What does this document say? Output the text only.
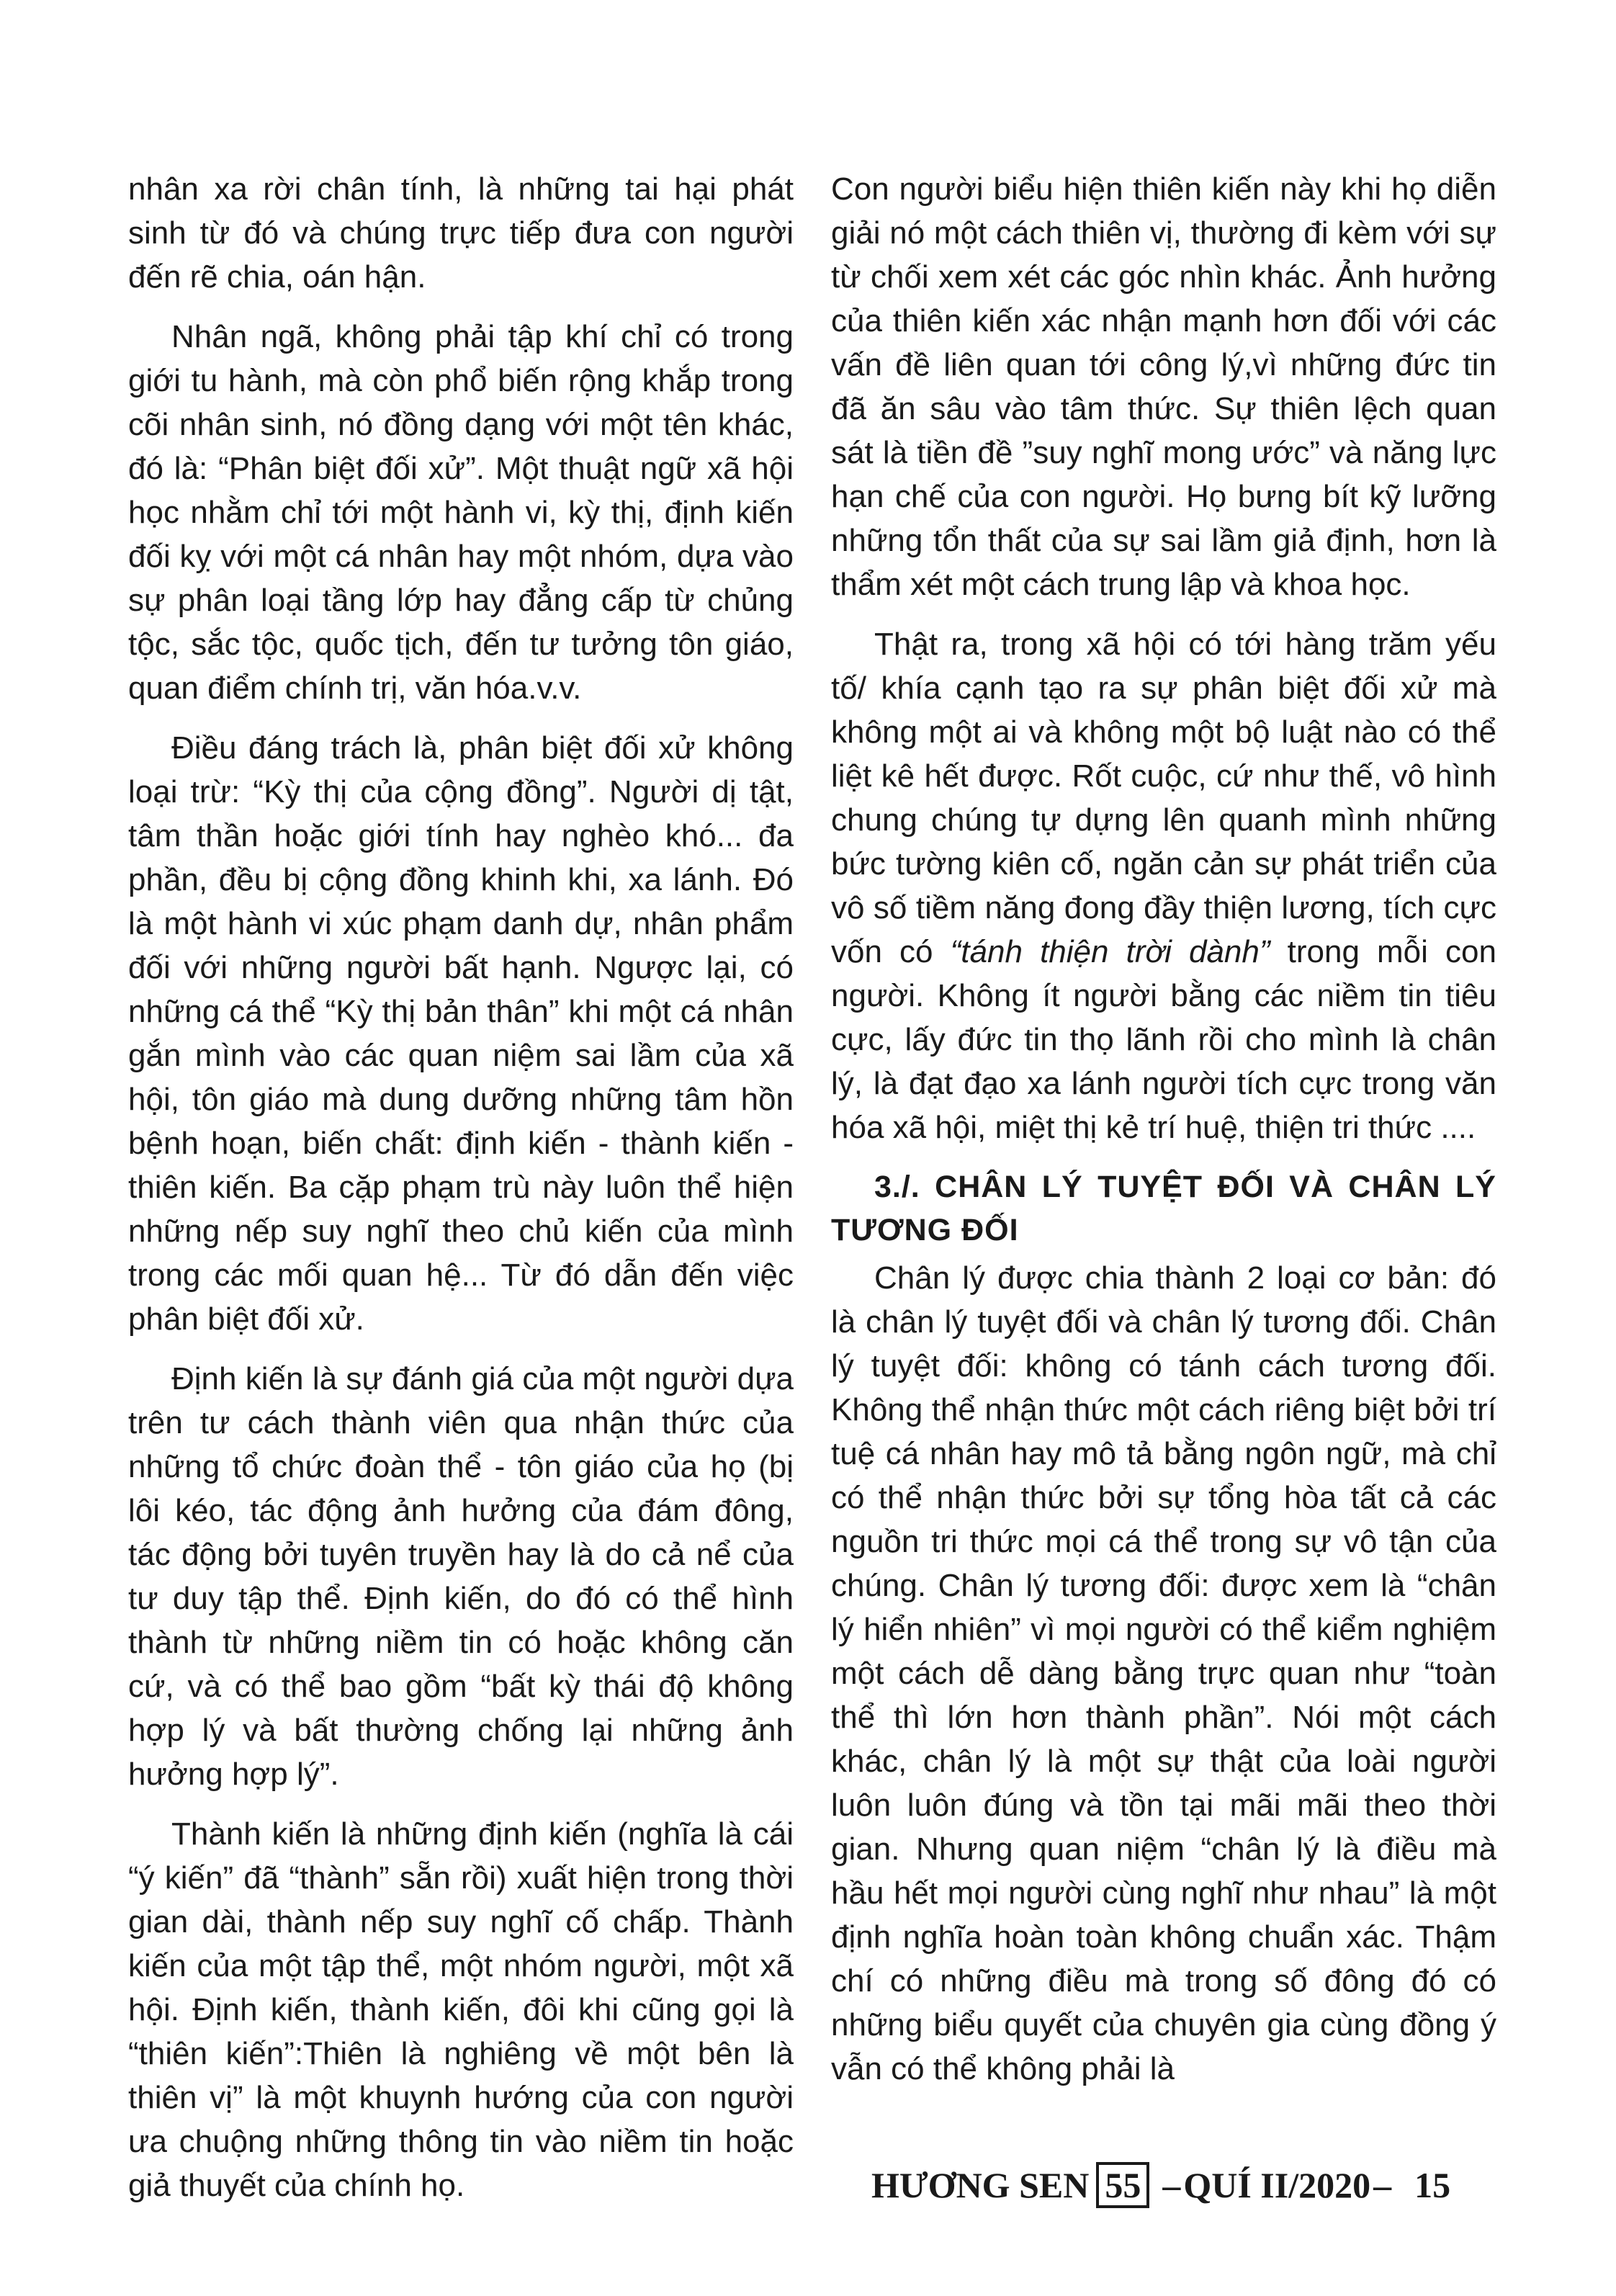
nhân xa rời chân tính, là những tai hại phát sinh từ đó và chúng trực tiếp đưa con người đến rẽ chia, oán hận.

Nhân ngã, không phải tập khí chỉ có trong giới tu hành, mà còn phổ biến rộng khắp trong cõi nhân sinh, nó đồng dạng với một tên khác, đó là: “Phân biệt đối xử”. Một thuật ngữ xã hội học nhằm chỉ tới một hành vi, kỳ thị, định kiến đối kỵ với một cá nhân hay một nhóm, dựa vào sự phân loại tầng lớp hay đẳng cấp từ chủng tộc, sắc tộc, quốc tịch, đến tư tưởng tôn giáo, quan điểm chính trị, văn hóa.v.v.

Điều đáng trách là, phân biệt đối xử không loại trừ: “Kỳ thị của cộng đồng”. Người dị tật, tâm thần hoặc giới tính hay nghèo khó... đa phần, đều bị cộng đồng khinh khi, xa lánh. Đó là một hành vi xúc phạm danh dự, nhân phẩm đối với những người bất hạnh. Ngược lại, có những cá thể “Kỳ thị bản thân” khi một cá nhân gắn mình vào các quan niệm sai lầm của xã hội, tôn giáo mà dung dưỡng những tâm hồn bệnh hoạn, biến chất: định kiến - thành kiến - thiên kiến. Ba cặp phạm trù này luôn thể hiện những nếp suy nghĩ theo chủ kiến của mình trong các mối quan hệ... Từ đó dẫn đến việc phân biệt đối xử.

Định kiến là sự đánh giá của một người dựa trên tư cách thành viên qua nhận thức của những tổ chức đoàn thể - tôn giáo của họ (bị lôi kéo, tác động ảnh hưởng của đám đông, tác động bởi tuyên truyền hay là do cả nể của tư duy tập thể. Định kiến, do đó có thể hình thành từ những niềm tin có hoặc không căn cứ, và có thể bao gồm “bất kỳ thái độ không hợp lý và bất thường chống lại những ảnh hưởng hợp lý”.

Thành kiến là những định kiến (nghĩa là cái “ý kiến” đã “thành” sẵn rồi) xuất hiện trong thời gian dài, thành nếp suy nghĩ cố chấp. Thành kiến của một tập thể, một nhóm người, một xã hội. Định kiến, thành kiến, đôi khi cũng gọi là “thiên kiến”:Thiên là nghiêng về một bên là thiên vị” là một khuynh hướng của con người ưa chuộng những thông tin vào niềm tin hoặc giả thuyết của chính họ.

Con người biểu hiện thiên kiến này khi họ diễn giải nó một cách thiên vị, thường đi kèm với sự từ chối xem xét các góc nhìn khác. Ảnh hưởng của thiên kiến xác nhận mạnh hơn đối với các vấn đề liên quan tới công lý,vì những đức tin đã ăn sâu vào tâm thức. Sự thiên lệch quan sát là tiền đề ”suy nghĩ mong ước” và năng lực hạn chế của con người. Họ bưng bít kỹ lưỡng những tổn thất của sự sai lầm giả định, hơn là thẩm xét một cách trung lập và khoa học.

Thật ra, trong xã hội có tới hàng trăm yếu tố/ khía cạnh tạo ra sự phân biệt đối xử mà không một ai và không một bộ luật nào có thể liệt kê hết được. Rốt cuộc, cứ như thế, vô hình chung chúng tự dựng lên quanh mình những bức tường kiên cố, ngăn cản sự phát triển của vô số tiềm năng đong đầy thiện lương, tích cực vốn có “tánh thiện trời dành” trong mỗi con người. Không ít người bằng các niềm tin tiêu cực, lấy đức tin thọ lãnh rồi cho mình là chân lý, là đạt đạo xa lánh người tích cực trong văn hóa xã hội, miệt thị kẻ trí huệ, thiện tri thức ....

3./. CHÂN LÝ TUYỆT ĐỐI VÀ CHÂN LÝ TƯƠNG ĐỐI

Chân lý được chia thành 2 loại cơ bản: đó là chân lý tuyệt đối và chân lý tương đối. Chân lý tuyệt đối: không có tánh cách tương đối. Không thể nhận thức một cách riêng biệt bởi trí tuệ cá nhân hay mô tả bằng ngôn ngữ, mà chỉ có thể nhận thức bởi sự tổng hòa tất cả các nguồn tri thức mọi cá thể trong sự vô tận của chúng. Chân lý tương đối: được xem là “chân lý hiển nhiên” vì mọi người có thể kiểm nghiệm một cách dễ dàng bằng trực quan như “toàn thể thì lớn hơn thành phần”. Nói một cách khác, chân lý là một sự thật của loài người luôn luôn đúng và tồn tại mãi mãi theo thời gian. Nhưng quan niệm “chân lý là điều mà hầu hết mọi người cùng nghĩ như nhau” là một định nghĩa hoàn toàn không chuẩn xác. Thậm chí có những điều mà trong số đông đó có những biểu quyết của chuyên gia cùng đồng ý vẫn có thể không phải là

HƯƠNG SEN 55 – QUÍ II/2020 – 15
